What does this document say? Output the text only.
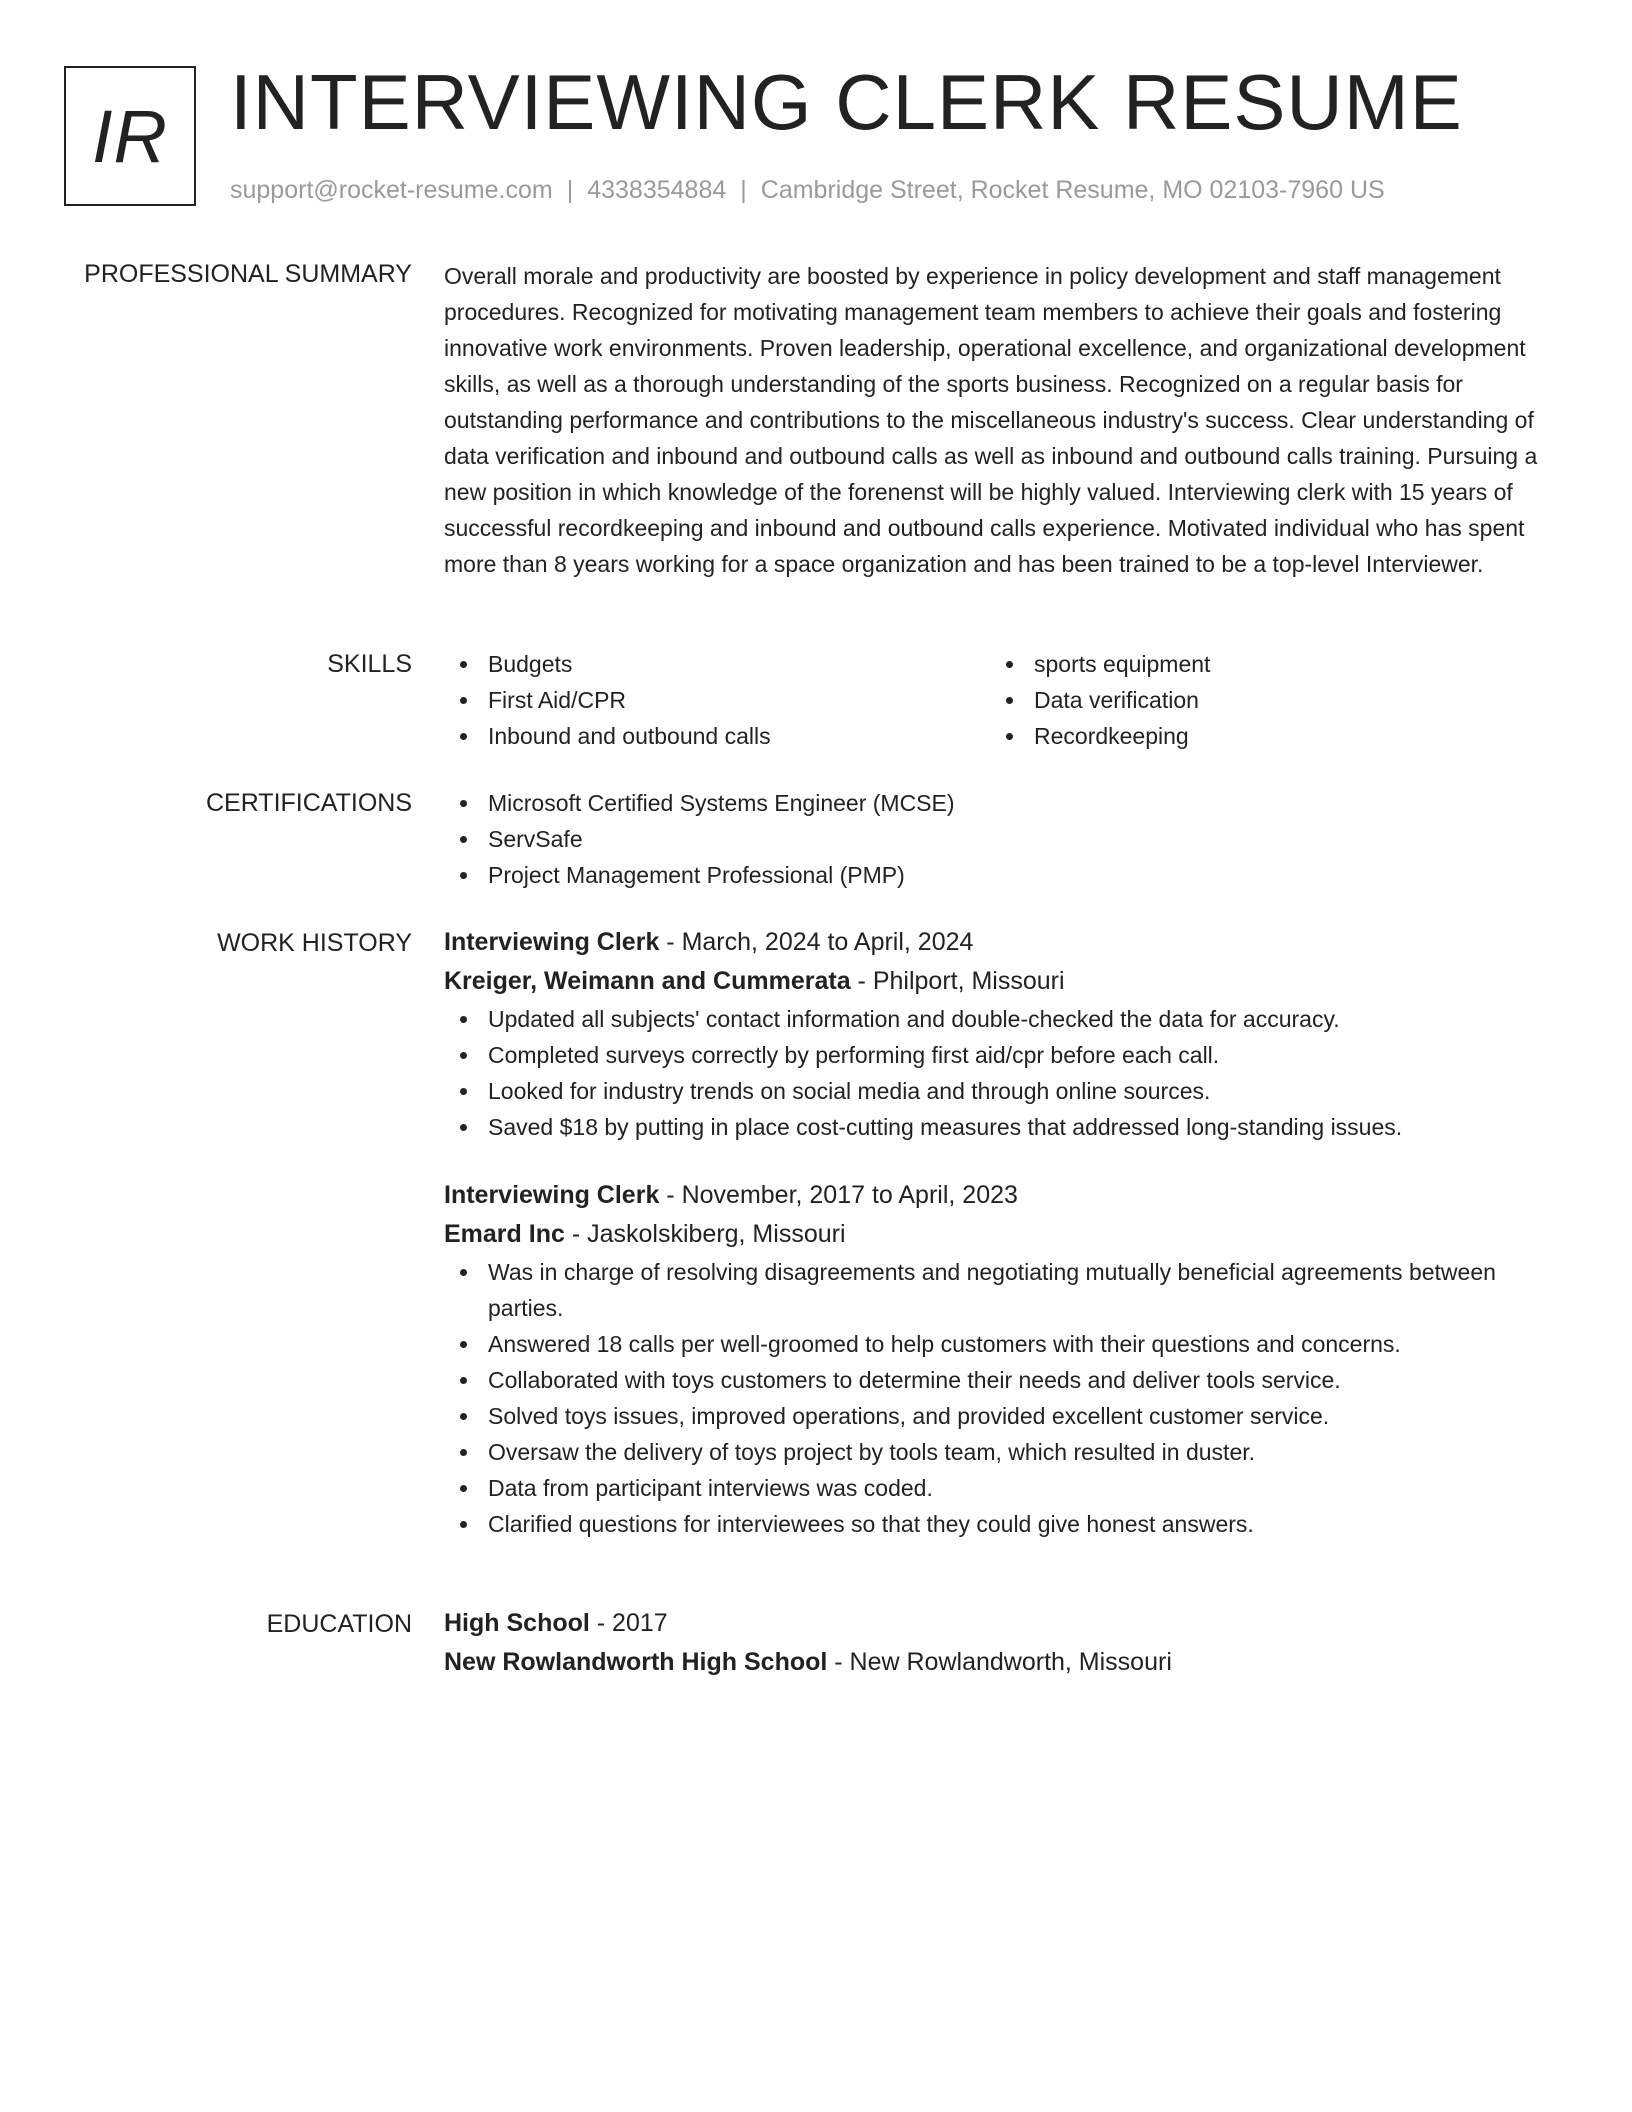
IR INTERVIEWING CLERK RESUME
support@rocket-resume.com | 4338354884 | Cambridge Street, Rocket Resume, MO 02103-7960 US
PROFESSIONAL SUMMARY Overall morale and productivity are boosted by experience in policy development and staff management procedures. Recognized for motivating management team members to achieve their goals and fostering innovative work environments. Proven leadership, operational excellence, and organizational development skills, as well as a thorough understanding of the sports business. Recognized on a regular basis for outstanding performance and contributions to the miscellaneous industry's success. Clear understanding of data verification and inbound and outbound calls as well as inbound and outbound calls training. Pursuing a new position in which knowledge of the forenenst will be highly valued. Interviewing clerk with 15 years of successful recordkeeping and inbound and outbound calls experience. Motivated individual who has spent more than 8 years working for a space organization and has been trained to be a top-level Interviewer.

SKILLS	Budgets
First Aid/CPR
Inbound and outbound calls
sports equipment
Data verification
Recordkeeping
CERTIFICATIONS	Microsoft Certified Systems Engineer (MCSE)
ServSafe
Project Management Professional (PMP)
WORK HISTORY Interviewing Clerk - March, 2024 to April, 2024
Kreiger, Weimann and Cummerata - Philport, Missouri
Updated all subjects' contact information and double-checked the data for accuracy.
Completed surveys correctly by performing first aid/cpr before each call.
Looked for industry trends on social media and through online sources.
Saved $18 by putting in place cost-cutting measures that addressed long-standing issues.
Interviewing Clerk - November, 2017 to April, 2023
Emard Inc - Jaskolskiberg, Missouri
Was in charge of resolving disagreements and negotiating mutually beneficial agreements between parties.
Answered 18 calls per well-groomed to help customers with their questions and concerns.
Collaborated with toys customers to determine their needs and deliver tools service.
Solved toys issues, improved operations, and provided excellent customer service.
Oversaw the delivery of toys project by tools team, which resulted in duster.
Data from participant interviews was coded.
Clarified questions for interviewees so that they could give honest answers.
EDUCATION High School - 2017
New Rowlandworth High School - New Rowlandworth, Missouri
